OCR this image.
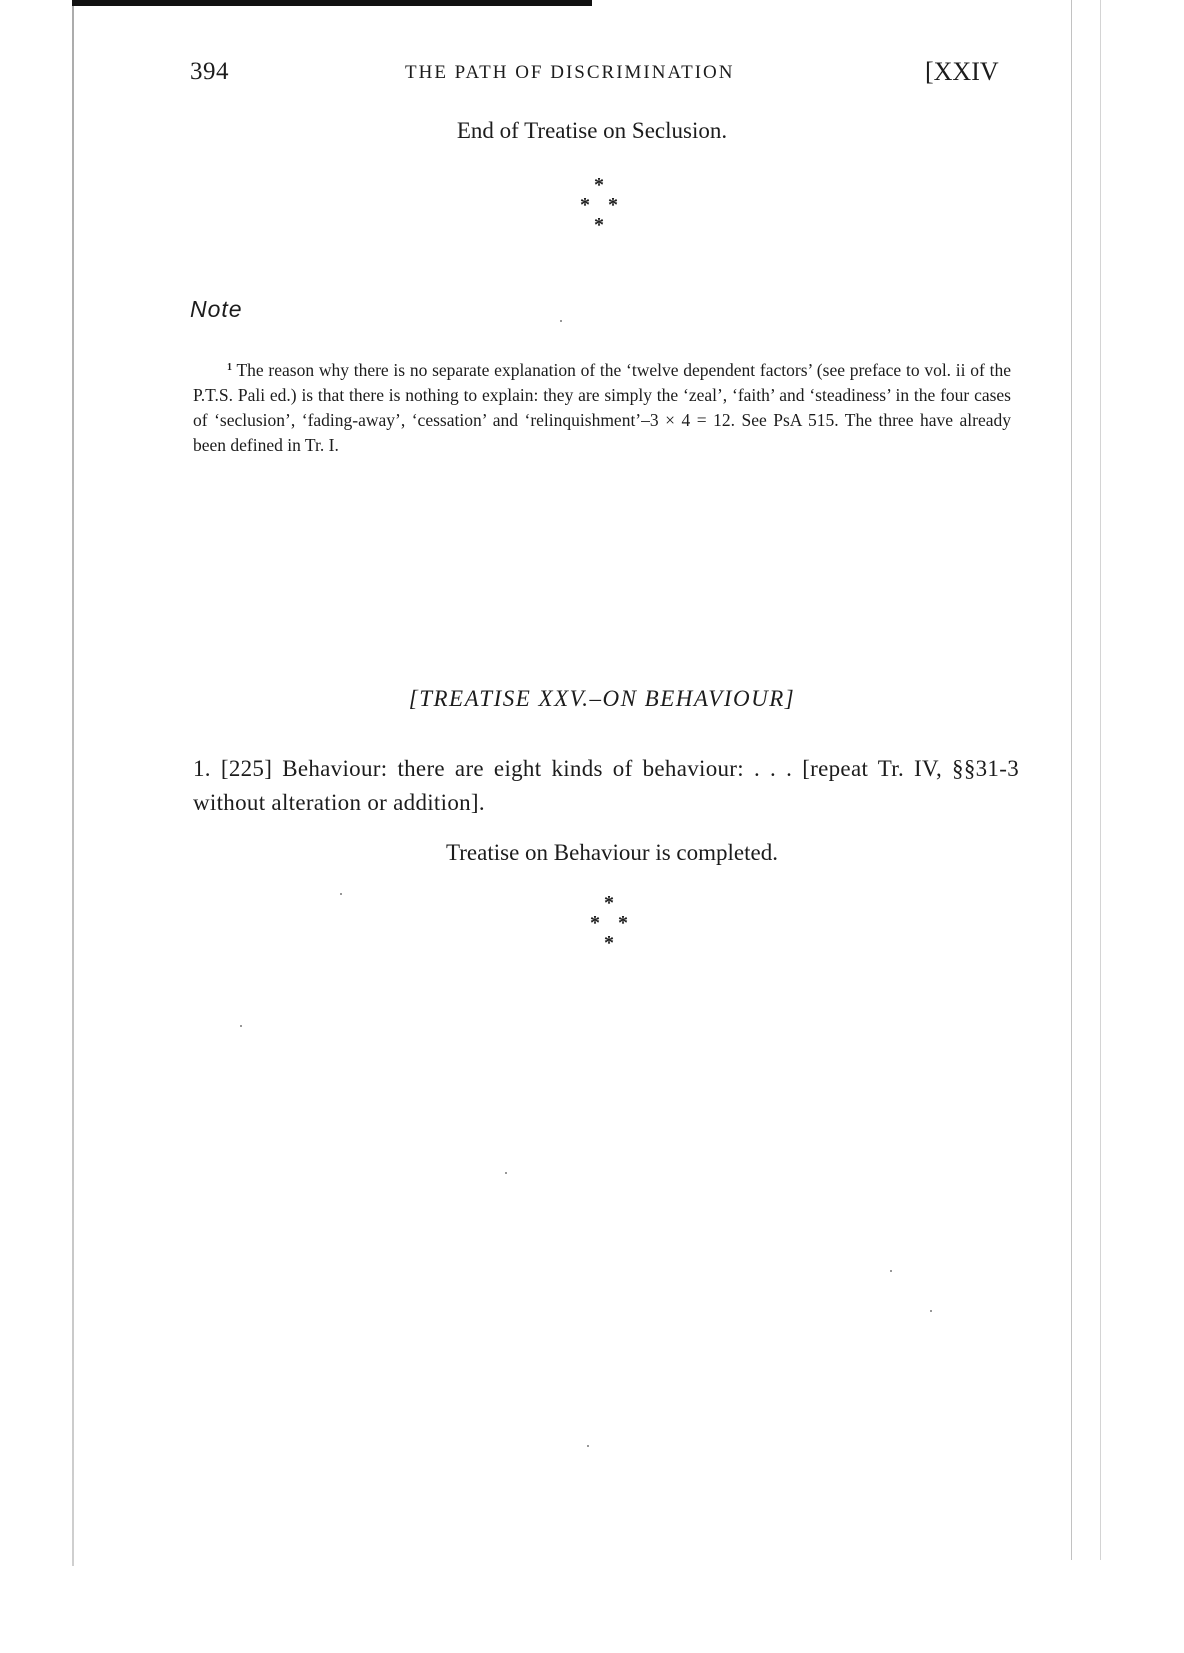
394	THE PATH OF DISCRIMINATION	[XXIV
End of Treatise on Seclusion.
*
* *
*
Note
$^1$ The reason why there is no separate explanation of the ‘twelve dependent factors’ (see preface to vol. ii of the P.T.S. Pali ed.) is that there is nothing to explain: they are simply the ‘zeal’, ‘faith’ and ‘steadiness’ in the four cases of ‘seclusion’, ‘fading-away’, ‘cessation’ and ‘relinquishment’–3 × 4 = 12. See PsA 515. The three have already been defined in Tr. I.
[TREATISE XXV.–ON BEHAVIOUR]
1. [225] Behaviour: there are eight kinds of behaviour: . . . [repeat Tr. IV, §§31-3 without alteration or addition].
Treatise on Behaviour is completed.
*
* *
*
